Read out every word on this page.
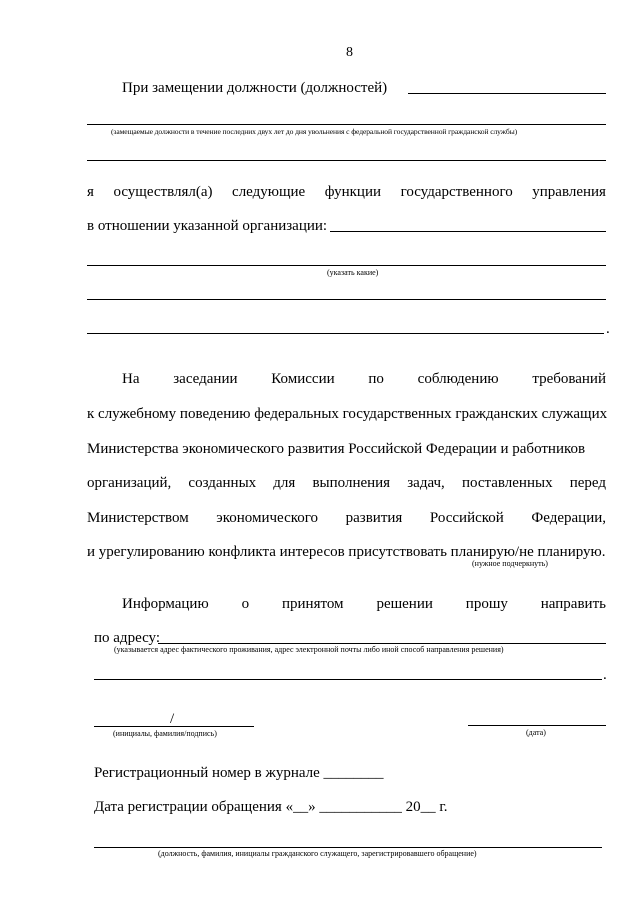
8
При замещении должности (должностей)
(замещаемые должности в течение последних двух лет до дня увольнения с федеральной государственной гражданской службы)
я осуществлял(а) следующие функции государственного управления
в отношении указанной организации:
(указать какие)
.
На заседании Комиссии по соблюдению требований
к служебному поведению федеральных государственных гражданских служащих
Министерства экономического развития Российской Федерации и работников
организаций, созданных для выполнения задач, поставленных перед
Министерством экономического развития Российской Федерации,
и урегулированию конфликта интересов присутствовать планирую/не планирую.
(нужное подчеркнуть)
Информацию о принятом решении прошу направить
по адресу:
(указывается адрес фактического проживания, адрес электронной почты либо иной способ направления решения)
.
/
(инициалы, фамилия/подпись)	(дата)
Регистрационный номер в журнале ________
Дата регистрации обращения «__» ___________ 20__ г.
(должность, фамилия, инициалы гражданского служащего, зарегистрировавшего обращение)
